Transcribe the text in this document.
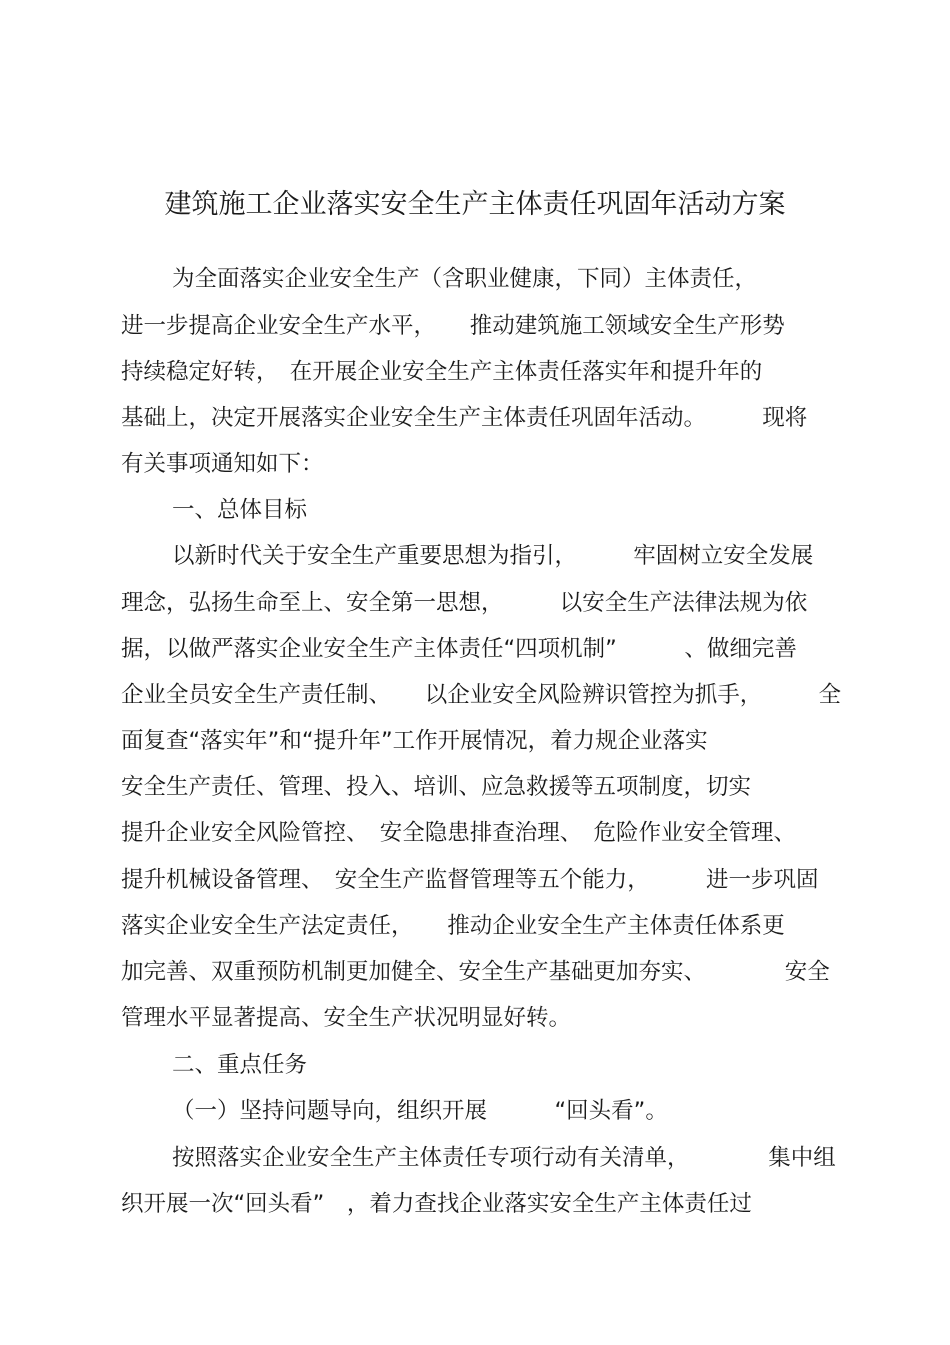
建筑施工企业落实安全生产主体责任巩固年活动方案

为全面落实企业安全生产（含职业健康，下同）主体责任，

进一步提高企业安全生产水平，　　推动建筑施工领域安全生产形势

持续稳定好转，　在开展企业安全生产主体责任落实年和提升年的

基础上，决定开展落实企业安全生产主体责任巩固年活动。　　　现将

有关事项通知如下：

一、总体目标

以新时代关于安全生产重要思想为指引，　　　牢固树立安全发展

理念，弘扬生命至上、安全第一思想，　　　以安全生产法律法规为依

据，以做严落实企业安全生产主体责任“四项机制”　　　、做细完善

企业全员安全生产责任制、　　以企业安全风险辨识管控为抓手，　　　全

面复查“落实年”和“提升年”工作开展情况，着力规企业落实

安全生产责任、管理、投入、培训、应急救援等五项制度，切实

提升企业安全风险管控、　安全隐患排查治理、　危险作业安全管理、

提升机械设备管理、　安全生产监督管理等五个能力，　　　进一步巩固

落实企业安全生产法定责任，　　推动企业安全生产主体责任体系更

加完善、双重预防机制更加健全、安全生产基础更加夯实、　　　　安全

管理水平显著提高、安全生产状况明显好转。

二、重点任务

（一）坚持问题导向，组织开展　　　“回头看”。

按照落实企业安全生产主体责任专项行动有关清单，　　　　集中组

织开展一次“回头看”　，着力查找企业落实安全生产主体责任过
